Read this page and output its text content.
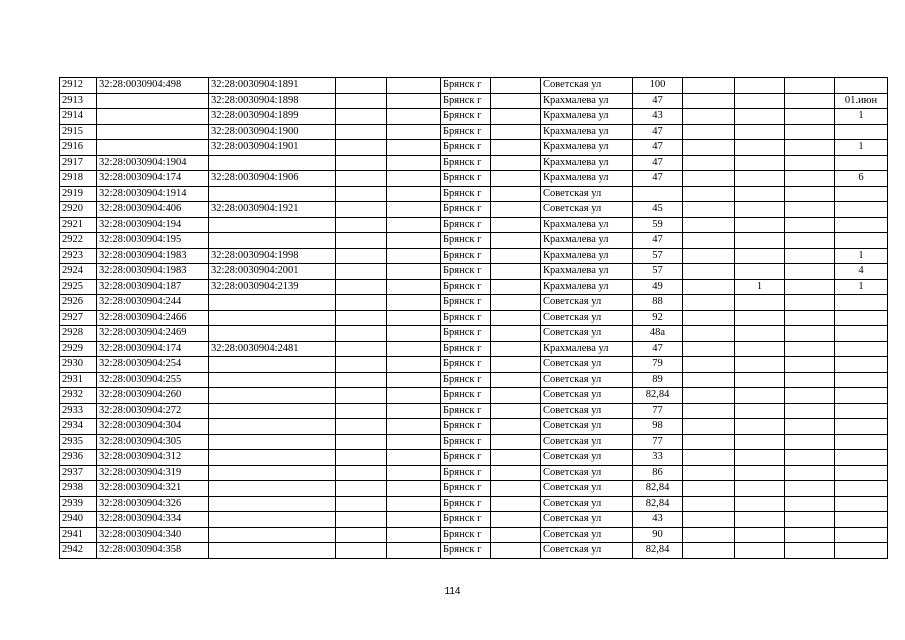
2912	32:28:0030904:498	32:28:0030904:1891			Брянск г		Советская ул	100				
2913		32:28:0030904:1898			Брянск г		Крахмалева ул	47				01.июн
2914		32:28:0030904:1899			Брянск г		Крахмалева ул	43				1
2915		32:28:0030904:1900			Брянск г		Крахмалева ул	47				
2916		32:28:0030904:1901			Брянск г		Крахмалева ул	47				1
2917	32:28:0030904:1904				Брянск г		Крахмалева ул	47				
2918	32:28:0030904:174	32:28:0030904:1906			Брянск г		Крахмалева ул	47				6
2919	32:28:0030904:1914				Брянск г		Советская ул					
2920	32:28:0030904:406	32:28:0030904:1921			Брянск г		Советская ул	45				
2921	32:28:0030904:194				Брянск г		Крахмалева ул	59				
2922	32:28:0030904:195				Брянск г		Крахмалева ул	47				
2923	32:28:0030904:1983	32:28:0030904:1998			Брянск г		Крахмалева ул	57				1
2924	32:28:0030904:1983	32:28:0030904:2001			Брянск г		Крахмалева ул	57				4
2925	32:28:0030904:187	32:28:0030904:2139			Брянск г		Крахмалева ул	49		1		1
2926	32:28:0030904:244				Брянск г		Советская ул	88				
2927	32:28:0030904:2466				Брянск г		Советская ул	92				
2928	32:28:0030904:2469				Брянск г		Советская ул	48а				
2929	32:28:0030904:174	32:28:0030904:2481			Брянск г		Крахмалева ул	47				
2930	32:28:0030904:254				Брянск г		Советская ул	79				
2931	32:28:0030904:255				Брянск г		Советская ул	89				
2932	32:28:0030904:260				Брянск г		Советская ул	82,84				
2933	32:28:0030904:272				Брянск г		Советская ул	77				
2934	32:28:0030904:304				Брянск г		Советская ул	98				
2935	32:28:0030904:305				Брянск г		Советская ул	77				
2936	32:28:0030904:312				Брянск г		Советская ул	33				
2937	32:28:0030904:319				Брянск г		Советская ул	86				
2938	32:28:0030904:321				Брянск г		Советская ул	82,84				
2939	32:28:0030904:326				Брянск г		Советская ул	82,84				
2940	32:28:0030904:334				Брянск г		Советская ул	43				
2941	32:28:0030904:340				Брянск г		Советская ул	90				
2942	32:28:0030904:358				Брянск г		Советская ул	82,84				
114
